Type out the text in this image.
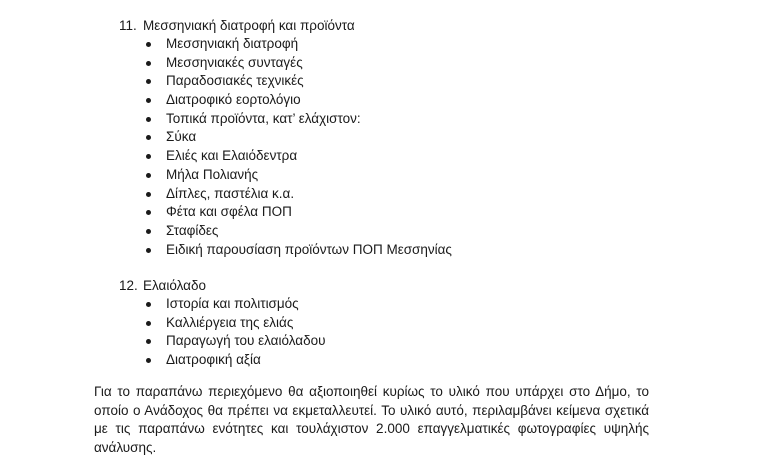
11. Μεσσηνιακή διατροφή και προϊόντα
Μεσσηνιακή διατροφή
Μεσσηνιακές συνταγές
Παραδοσιακές τεχνικές
Διατροφικό εορτολόγιο
Τοπικά προϊόντα, κατ’ ελάχιστον:
Σύκα
Ελιές και Ελαιόδεντρα
Μήλα Πολιανής
Δίπλες, παστέλια κ.α.
Φέτα και σφέλα ΠΟΠ
Σταφίδες
Ειδική παρουσίαση προϊόντων ΠΟΠ Μεσσηνίας
12. Ελαιόλαδο
Ιστορία και πολιτισμός
Καλλιέργεια της ελιάς
Παραγωγή του ελαιόλαδου
Διατροφική αξία

Για το παραπάνω περιεχόμενο θα αξιοποιηθεί κυρίως το υλικό που υπάρχει στο Δήμο, το οποίο ο Ανάδοχος θα πρέπει να εκμεταλλευτεί. Το υλικό αυτό, περιλαμβάνει κείμενα σχετικά με τις παραπάνω ενότητες και τουλάχιστον 2.000 επαγγελματικές φωτογραφίες υψηλής ανάλυσης.
